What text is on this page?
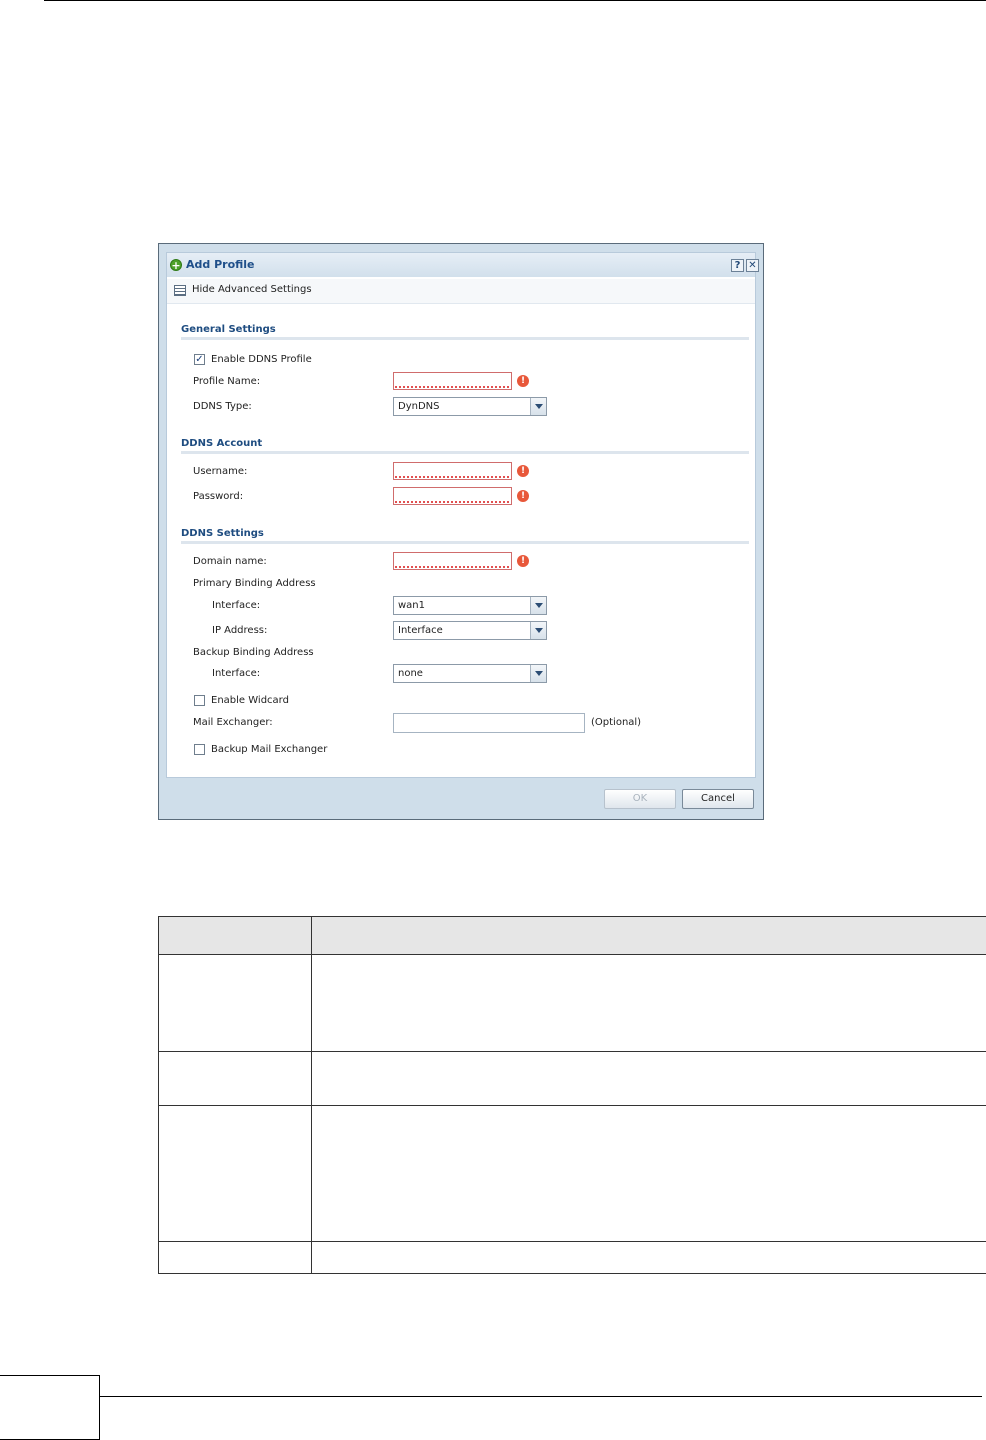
+ Add Profile	? ✕
Hide Advanced Settings
General Settings
✓ Enable DDNS Profile
Profile Name:	!
DDNS Type:	DynDNS
DDNS Account
Username:	!
Password:	!
DDNS Settings
Domain name:	!
Primary Binding Address
Interface:	wan1
IP Address:	Interface
Backup Binding Address
Interface:	none
Enable Widcard
Mail Exchanger:	(Optional)
Backup Mail Exchanger
OK	Cancel
